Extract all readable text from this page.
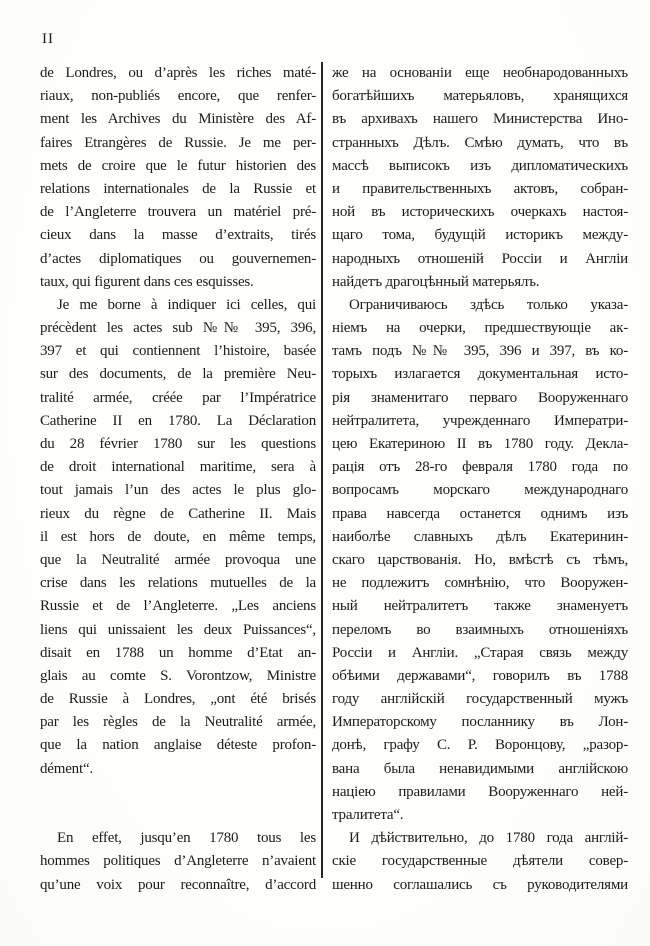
II
de Londres, ou d’après les riches maté-
riaux, non-publiés encore, que renfer-
ment les Archives du Ministère des Af-
faires Etrangères de Russie. Je me per-
mets de croire que le futur historien des
relations internationales de la Russie et
de l’Angleterre trouvera un matériel pré-
cieux dans la masse d’extraits, tirés
d’actes diplomatiques ou gouvernemen-
taux, qui figurent dans ces esquisses.
Je me borne à indiquer ici celles, qui
précèdent les actes sub №№ 395, 396,
397 et qui contiennent l’histoire, basée
sur des documents, de la première Neu-
tralité armée, créée par l’Impératrice
Catherine II en 1780. La Déclaration
du 28 février 1780 sur les questions
de droit international maritime, sera à
tout jamais l’un des actes le plus glo-
rieux du règne de Catherine II. Mais
il est hors de doute, en même temps,
que la Neutralité armée provoqua une
crise dans les relations mutuelles de la
Russie et de l’Angleterre. „Les anciens
liens qui unissaient les deux Puissances“,
disait en 1788 un homme d’Etat an-
glais au comte S. Vorontzow, Ministre
de Russie à Londres, „ont été brisés
par les règles de la Neutralité armée,
que la nation anglaise déteste profon-
dément“.
En effet, jusqu’en 1780 tous les
hommes politiques d’Angleterre n’avaient
qu’une voix pour reconnaître, d’accord
же на основаніи еще необнародованныхъ
богатѣйшихъ матерьяловъ, хранящихся
въ архивахъ нашего Министерства Ино-
странныхъ Дѣлъ. Смѣю думать, что въ
массѣ выписокъ изъ дипломатическихъ
и правительственныхъ актовъ, собран-
ной въ историческихъ очеркахъ настоя-
щаго тома, будущій историкъ между-
народныхъ отношеній Россіи и Англіи
найдетъ драгоцѣнный матерьялъ.
Ограничиваюсь здѣсь только указа-
ніемъ на очерки, предшествующіе ак-
тамъ подъ №№ 395, 396 и 397, въ ко-
торыхъ излагается документальная исто-
рія знаменитаго перваго Вооруженнаго
нейтралитета, учрежденнаго Императри-
цею Екатериною II въ 1780 году. Декла-
рація отъ 28-го февраля 1780 года по
вопросамъ морскаго международнаго
права навсегда останется однимъ изъ
наиболѣе славныхъ дѣлъ Екатеринин-
скаго царствованія. Но, вмѣстѣ съ тѣмъ,
не подлежитъ сомнѣнію, что Вооружен-
ный нейтралитетъ также знаменуетъ
переломъ во взаимныхъ отношеніяхъ
Россіи и Англіи. „Старая связь между
обѣими державами“, говорилъ въ 1788
году англійскій государственный мужъ
Императорскому посланнику въ Лон-
донѣ, графу С. Р. Воронцову, „разор-
вана была ненавидимыми англійскою
націею правилами Вооруженнаго ней-
тралитета“.
И дѣйствительно, до 1780 года англій-
скіе государственные дѣятели совер-
шенно соглашались съ руководителями
